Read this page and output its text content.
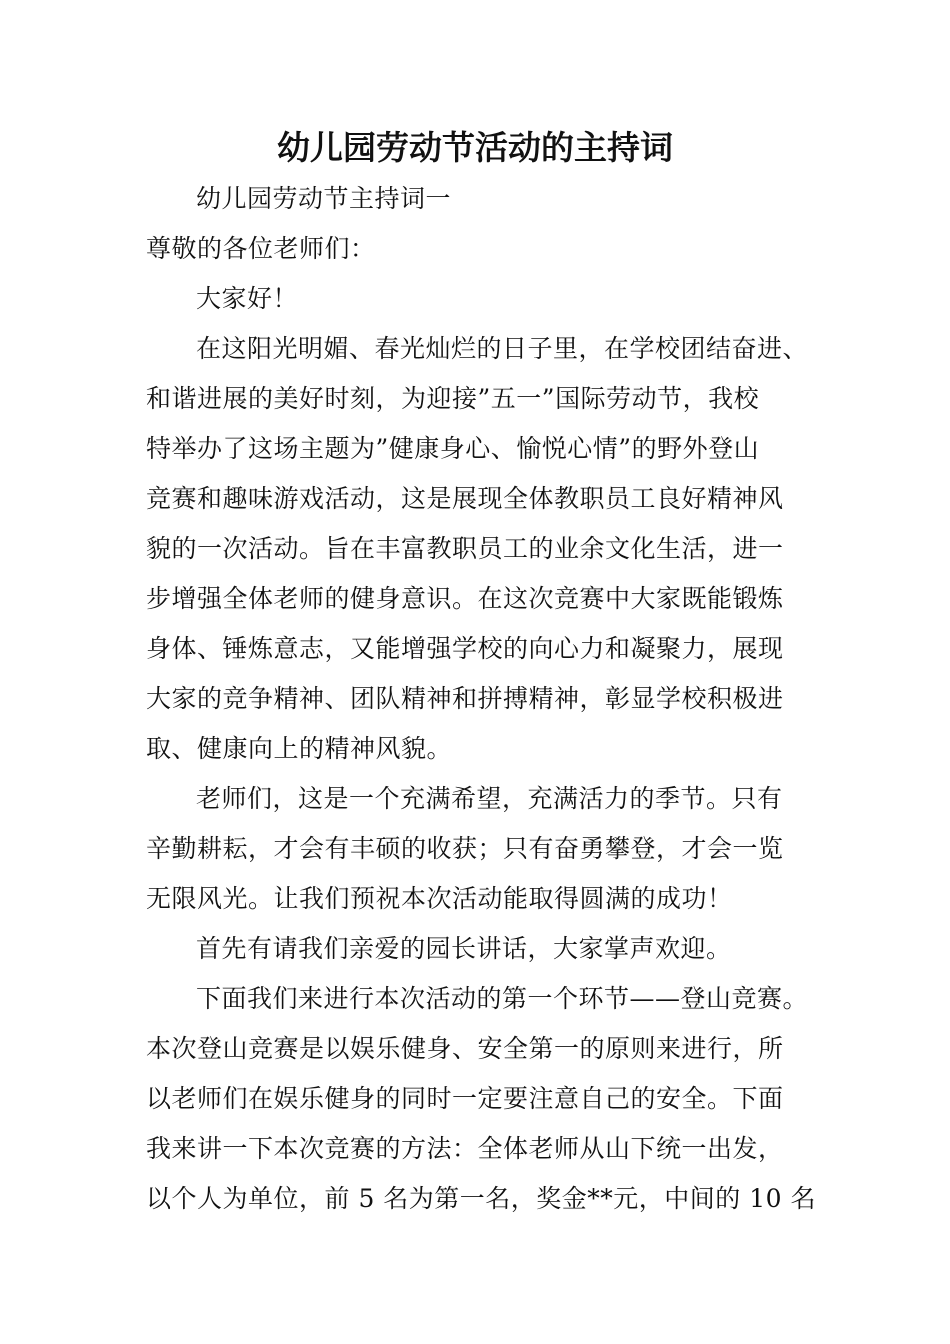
幼儿园劳动节活动的主持词
幼儿园劳动节主持词一
尊敬的各位老师们：
大家好！
在这阳光明媚、春光灿烂的日子里，在学校团结奋进、
和谐进展的美好时刻，为迎接”五一”国际劳动节，我校
特举办了这场主题为”健康身心、愉悦心情”的野外登山
竞赛和趣味游戏活动，这是展现全体教职员工良好精神风
貌的一次活动。旨在丰富教职员工的业余文化生活，进一
步增强全体老师的健身意识。在这次竞赛中大家既能锻炼
身体、锤炼意志，又能增强学校的向心力和凝聚力，展现
大家的竞争精神、团队精神和拼搏精神，彰显学校积极进
取、健康向上的精神风貌。
老师们，这是一个充满希望，充满活力的季节。只有
辛勤耕耘，才会有丰硕的收获；只有奋勇攀登，才会一览
无限风光。让我们预祝本次活动能取得圆满的成功！
首先有请我们亲爱的园长讲话，大家掌声欢迎。
下面我们来进行本次活动的第一个环节——登山竞赛。
本次登山竞赛是以娱乐健身、安全第一的原则来进行，所
以老师们在娱乐健身的同时一定要注意自己的安全。下面
我来讲一下本次竞赛的方法：全体老师从山下统一出发，
以个人为单位，前 5 名为第一名，奖金**元，中间的 10 名
